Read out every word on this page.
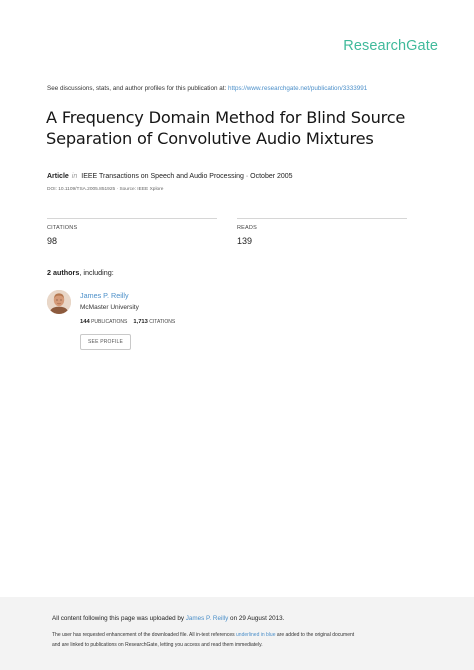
ResearchGate
See discussions, stats, and author profiles for this publication at: https://www.researchgate.net/publication/3333991
A Frequency Domain Method for Blind Source Separation of Convolutive Audio Mixtures
Article in IEEE Transactions on Speech and Audio Processing · October 2005
DOI: 10.1109/TSA.2005.851925 · Source: IEEE Xplore
CITATIONS
98
READS
139
2 authors, including:
James P. Reilly
McMaster University
144 PUBLICATIONS 1,713 CITATIONS
SEE PROFILE
All content following this page was uploaded by James P. Reilly on 29 August 2013.
The user has requested enhancement of the downloaded file. All in-text references underlined in blue are added to the original document
and are linked to publications on ResearchGate, letting you access and read them immediately.
